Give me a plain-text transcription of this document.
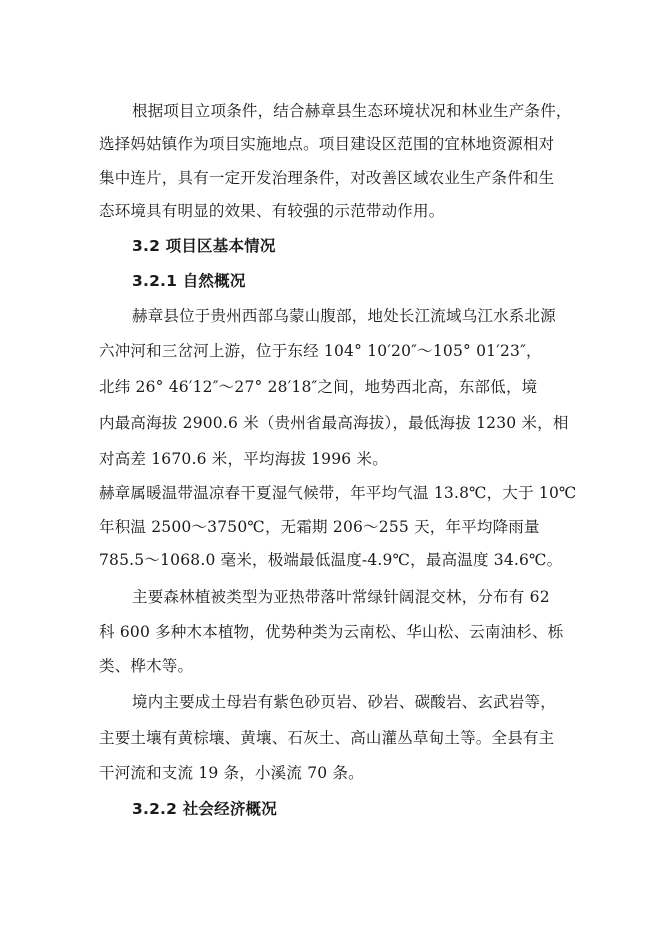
根据项目立项条件，结合赫章县生态环境状况和林业生产条件，
选择妈姑镇作为项目实施地点。项目建设区范围的宜林地资源相对
集中连片，具有一定开发治理条件，对改善区域农业生产条件和生
态环境具有明显的效果、有较强的示范带动作用。
3.2 项目区基本情况
3.2.1 自然概况
赫章县位于贵州西部乌蒙山腹部，地处长江流域乌江水系北源
六冲河和三岔河上游，位于东经 104° 10′20″～105° 01′23″，
北纬 26° 46′12″～27° 28′18″之间，地势西北高，东部低，境
内最高海拔 2900.6 米（贵州省最高海拔），最低海拔 1230 米，相
对高差 1670.6 米，平均海拔 1996 米。
赫章属暖温带温凉春干夏湿气候带，年平均气温 13.8℃，大于 10℃
年积温 2500～3750℃，无霜期 206～255 天，年平均降雨量
785.5～1068.0 毫米，极端最低温度-4.9℃，最高温度 34.6℃。
主要森林植被类型为亚热带落叶常绿针阔混交林，分布有 62
科 600 多种木本植物，优势种类为云南松、华山松、云南油杉、栎
类、桦木等。
境内主要成土母岩有紫色砂页岩、砂岩、碳酸岩、玄武岩等，
主要土壤有黄棕壤、黄壤、石灰土、高山灌丛草甸土等。全县有主
干河流和支流 19 条，小溪流 70 条。
3.2.2 社会经济概况
